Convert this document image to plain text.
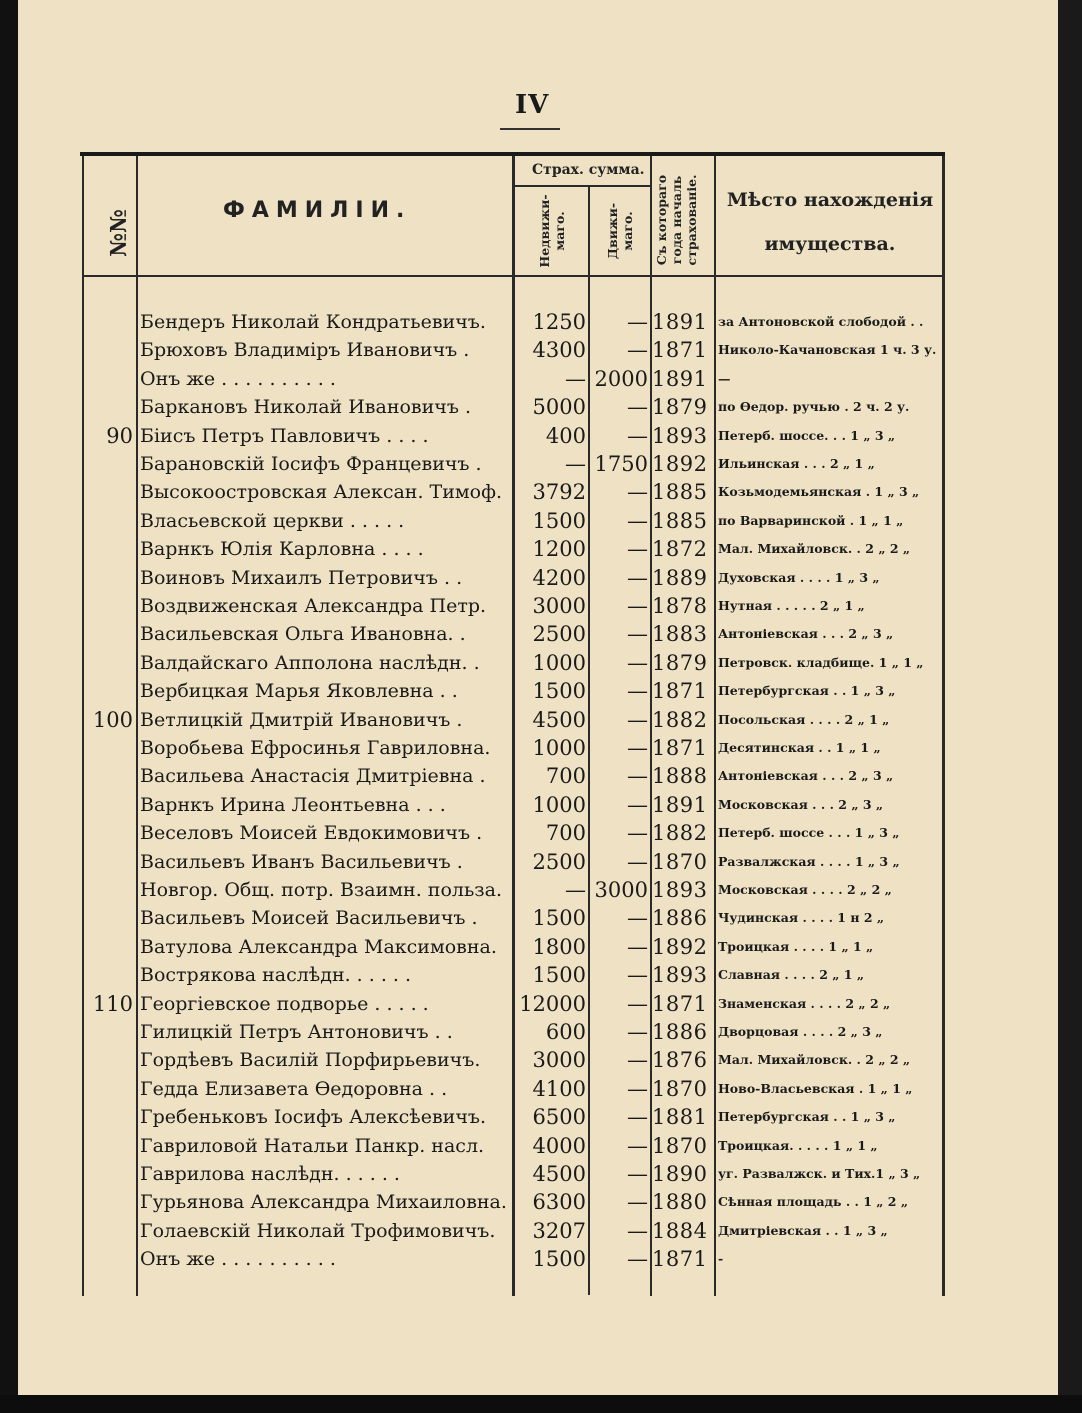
IV
№№	ФАМИЛІИ.
Страх. сумма.
Недвижи-
маго.	Движи-
маго.
Съ котораго
года началь
страхованіе.	Мѣсто нахожденія имущества.
Бендеръ Николай Кондратьевичъ.	1250	— 1891 за Антоновской слободой . .
Брюховъ Владиміръ Ивановичъ .	4300	— 1871 Николо-Качановская 1 ч. 3 у.
Онъ же . . . . . . . . . .	— 2000 1891 —
Баркановъ Николай Ивановичъ .	5000	— 1879 по Ѳедор. ручью . 2 ч. 2 у.
90 Біисъ Петръ Павловичъ . . . .	400	— 1893 Петерб. шоссе. . . 1 „ 3 „
Барановскій Іосифъ Францевичъ .	— 1750 1892 Ильинская . . . 2 „ 1 „
Высокоостровская Алексан. Тимоф.	3792	— 1885 Козьмодемьянская . 1 „ 3 „
Власьевской церкви . . . . .	1500	— 1885 по Варваринской . 1 „ 1 „
Варнкъ Юлія Карловна . . . .	1200	— 1872 Мал. Михайловск. . 2 „ 2 „
Воиновъ Михаилъ Петровичъ . .	4200	— 1889 Духовская . . . . 1 „ 3 „
Воздвиженская Александра Петр.	3000	— 1878 Нутная . . . . . 2 „ 1 „
Васильевская Ольга Ивановна. .	2500	— 1883 Антоніевская . . . 2 „ 3 „
Валдайскаго Апполона наслѣдн. .	1000	— 1879 Петровск. кладбище. 1 „ 1 „
Вербицкая Марья Яковлевна . .	1500	— 1871 Петербургская . . 1 „ 3 „
100 Ветлицкій Дмитрій Ивановичъ .	4500	— 1882 Посольская . . . . 2 „ 1 „
Воробьева Ефросинья Гавриловна.	1000	— 1871 Десятинская . . 1 „ 1 „
Васильева Анастасія Дмитріевна .	700	— 1888 Антоніевская . . . 2 „ 3 „
Варнкъ Ирина Леонтьевна . . .	1000	— 1891 Московская . . . 2 „ 3 „
Веселовъ Моисей Евдокимовичъ .	700	— 1882 Петерб. шоссе . . . 1 „ 3 „
Васильевъ Иванъ Васильевичъ .	2500	— 1870 Развалжская . . . . 1 „ 3 „
Новгор. Общ. потр. Взаимн. польза.	— 3000 1893 Московская . . . . 2 „ 2 „
Васильевъ Моисей Васильевичъ .	1500	— 1886 Чудинская . . . . 1 н 2 „
Ватулова Александра Максимовна.	1800	— 1892 Троицкая . . . . 1 „ 1 „
Вострякова наслѣдн. . . . . .	1500	— 1893 Славная . . . . 2 „ 1 „
110 Георгіевское подворье . . . . .	12000	— 1871 Знаменская . . . . 2 „ 2 „
Гилицкій Петръ Антоновичъ . .	600	— 1886 Дворцовая . . . . 2 „ 3 „
Гордѣевъ Василій Порфирьевичъ.	3000	— 1876 Мал. Михайловск. . 2 „ 2 „
Гедда Елизавета Ѳедоровна . .	4100	— 1870 Ново-Власьевская . 1 „ 1 „
Гребеньковъ Іосифъ Алексѣевичъ.	6500	— 1881 Петербургская . . 1 „ 3 „
Гавриловой Натальи Панкр. насл.	4000	— 1870 Троицкая. . . . . 1 „ 1 „
Гаврилова наслѣдн. . . . . .	4500	— 1890 уг. Развалжск. и Тих.1 „ 3 „
Гурьянова Александра Михаиловна.	6300	— 1880 Сѣнная площадь . . 1 „ 2 „
Голаевскій Николай Трофимовичъ.	3207	— 1884 Дмитріевская . . 1 „ 3 „
Онъ же . . . . . . . . . .	1500	— 1871 -
